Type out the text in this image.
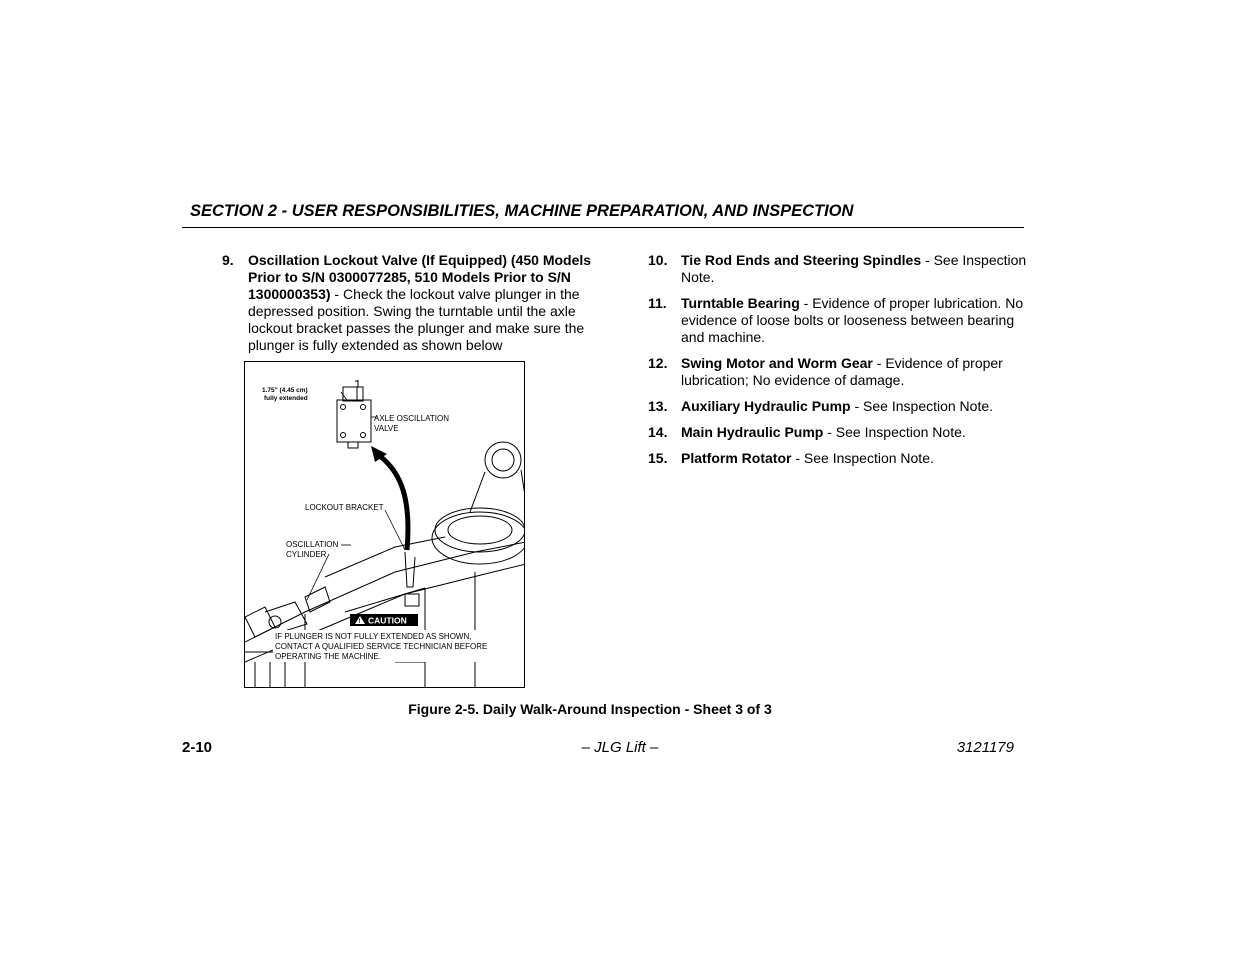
SECTION 2 - USER RESPONSIBILITIES, MACHINE PREPARATION, AND INSPECTION
9.	Oscillation Lockout Valve (If Equipped) (450 Models Prior to S/N 0300077285, 510 Models Prior to S/N 1300000353) - Check the lockout valve plunger in the depressed position. Swing the turntable until the axle lockout bracket passes the plunger and make sure the plunger is fully extended as shown below
1.75" (4.45 cm)
fully extended
AXLE OSCILLATION
VALVE
LOCKOUT BRACKET
OSCILLATION
CYLINDER
! CAUTION
IF PLUNGER IS NOT FULLY EXTENDED AS SHOWN,
CONTACT A QUALIFIED SERVICE TECHNICIAN BEFORE
OPERATING THE MACHINE.
Figure 2-5. Daily Walk-Around Inspection - Sheet 3 of 3
10. Tie Rod Ends and Steering Spindles - See Inspection Note.
11.	Turntable Bearing - Evidence of proper lubrication. No evidence of loose bolts or looseness between bearing and machine.
12. Swing Motor and Worm Gear - Evidence of proper lubrication; No evidence of damage.
13. Auxiliary Hydraulic Pump - See Inspection Note.
14. Main Hydraulic Pump - See Inspection Note.
15. Platform Rotator - See Inspection Note.
2-10	– JLG Lift –	3121179
